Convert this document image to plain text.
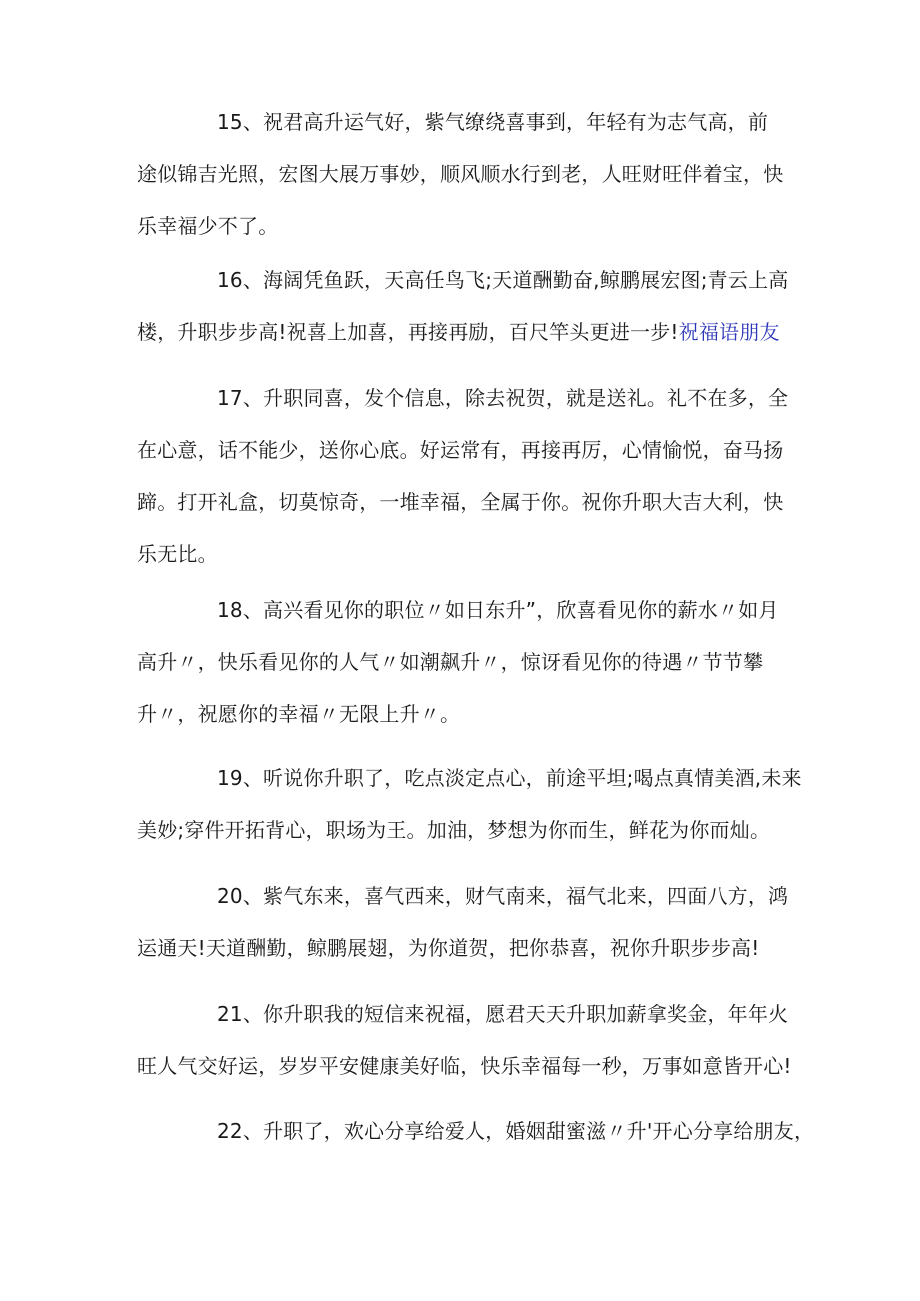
15、祝君高升运气好，紫气缭绕喜事到，年轻有为志气高，前
途似锦吉光照，宏图大展万事妙，顺风顺水行到老，人旺财旺伴着宝，快
乐幸福少不了。
16、海阔凭鱼跃，天高任鸟飞;天道酬勤奋,鲸鹏展宏图;青云上高
楼，升职步步高!祝喜上加喜，再接再励，百尺竿头更进一步!祝福语朋友
17、升职同喜，发个信息，除去祝贺，就是送礼。礼不在多，全
在心意，话不能少，送你心底。好运常有，再接再厉，心情愉悦，奋马扬
蹄。打开礼盒，切莫惊奇，一堆幸福，全属于你。祝你升职大吉大利，快
乐无比。
18、高兴看见你的职位〃如日东升”，欣喜看见你的薪水〃如月
高升〃，快乐看见你的人气〃如潮飙升〃，惊讶看见你的待遇〃节节攀
升〃，祝愿你的幸福〃无限上升〃。
19、听说你升职了，吃点淡定点心，前途平坦;喝点真情美酒,未来
美妙;穿件开拓背心，职场为王。加油，梦想为你而生，鲜花为你而灿。
20、紫气东来，喜气西来，财气南来，福气北来，四面八方，鸿
运通天!天道酬勤，鲸鹏展翅，为你道贺，把你恭喜，祝你升职步步高!
21、你升职我的短信来祝福，愿君天天升职加薪拿奖金，年年火
旺人气交好运，岁岁平安健康美好临，快乐幸福每一秒，万事如意皆开心!
22、升职了，欢心分享给爱人，婚姻甜蜜滋〃升'开心分享给朋友，
